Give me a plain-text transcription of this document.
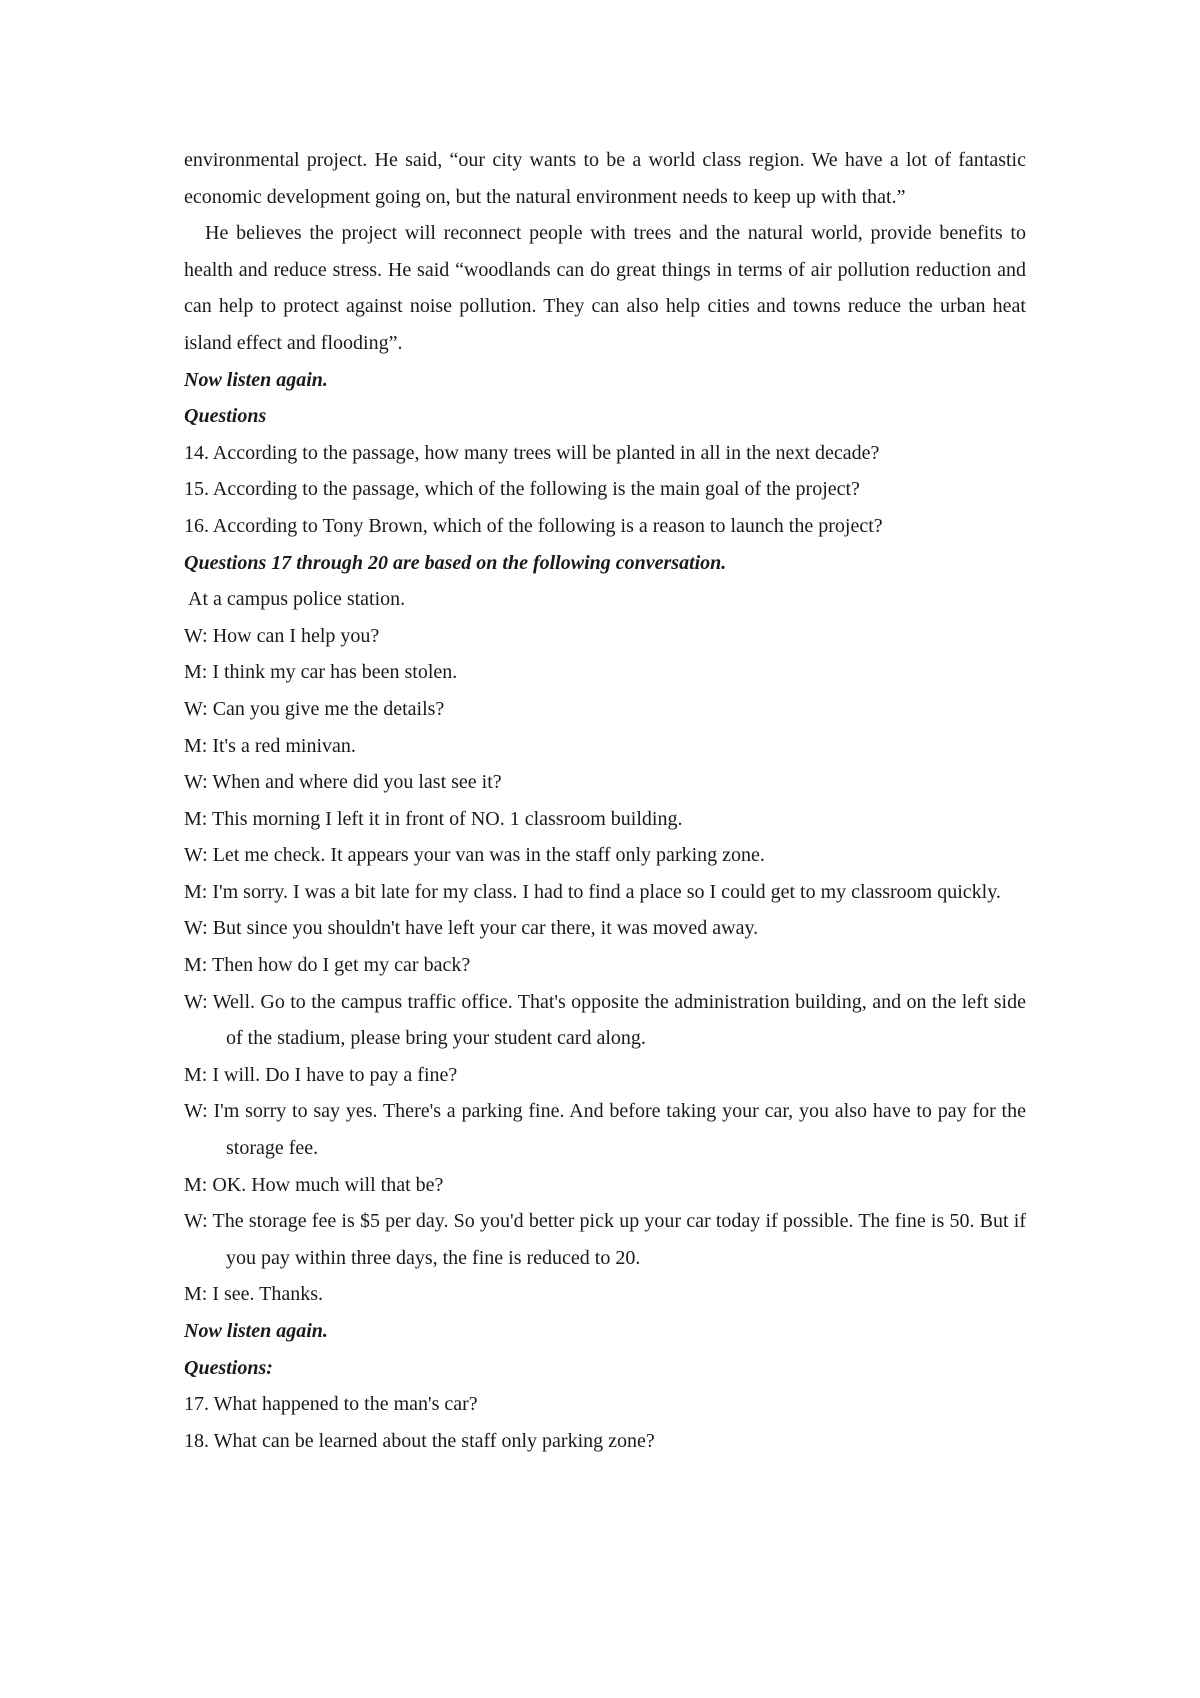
environmental project. He said, “our city wants to be a world class region. We have a lot of fantastic economic development going on, but the natural environment needs to keep up with that.”

He believes the project will reconnect people with trees and the natural world, provide benefits to health and reduce stress. He said “woodlands can do great things in terms of air pollution reduction and can help to protect against noise pollution. They can also help cities and towns reduce the urban heat island effect and flooding”.

Now listen again.

Questions

14. According to the passage, how many trees will be planted in all in the next decade?

15. According to the passage, which of the following is the main goal of the project?

16. According to Tony Brown, which of the following is a reason to launch the project?

Questions 17 through 20 are based on the following conversation.

At a campus police station.

W: How can I help you?

M: I think my car has been stolen.

W: Can you give me the details?

M: It's a red minivan.

W: When and where did you last see it?

M: This morning I left it in front of NO. 1 classroom building.

W: Let me check. It appears your van was in the staff only parking zone.

M: I'm sorry. I was a bit late for my class. I had to find a place so I could get to my classroom quickly.

W: But since you shouldn't have left your car there, it was moved away.

M: Then how do I get my car back?

W: Well. Go to the campus traffic office. That's opposite the administration building, and on the left side of the stadium, please bring your student card along.

M: I will. Do I have to pay a fine?

W: I'm sorry to say yes. There's a parking fine. And before taking your car, you also have to pay for the storage fee.

M: OK. How much will that be?

W: The storage fee is $5 per day. So you'd better pick up your car today if possible. The fine is 50. But if you pay within three days, the fine is reduced to 20.

M: I see. Thanks.

Now listen again.

Questions:

17. What happened to the man's car?

18. What can be learned about the staff only parking zone?
